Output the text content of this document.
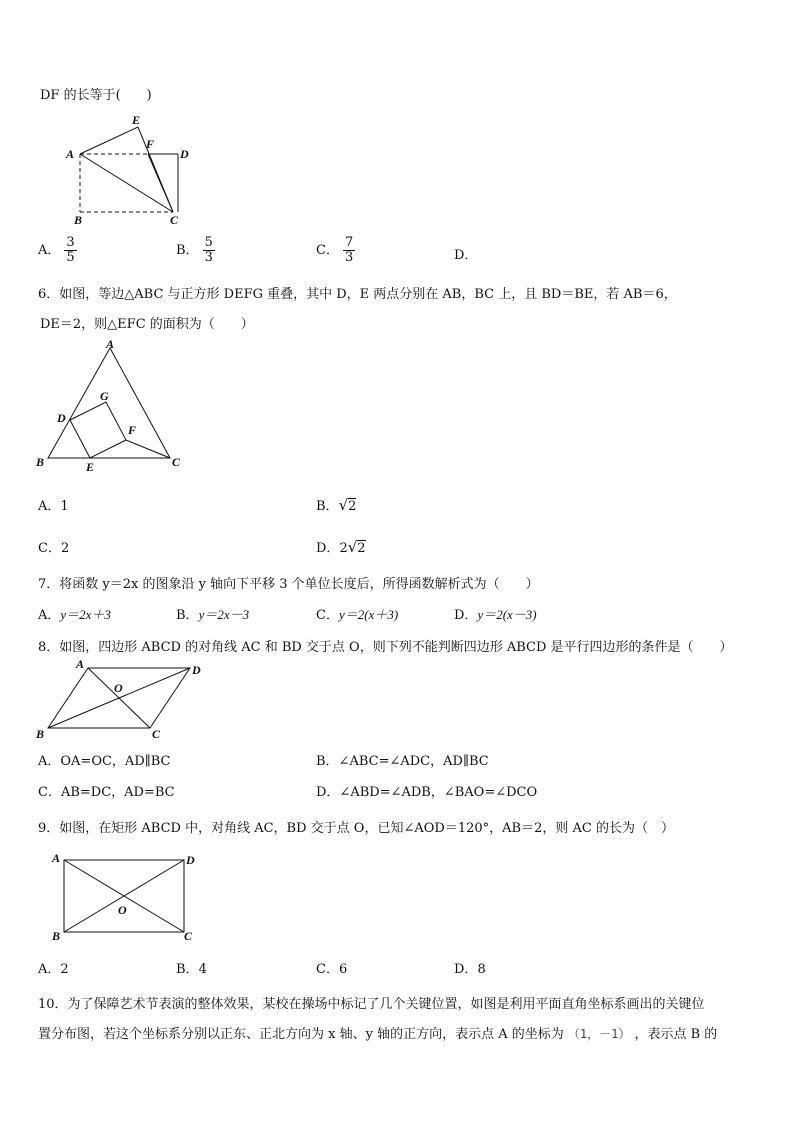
DF 的长等于(　　)
E
A
F
D
B	C
A． $\frac{3}{5}$	B． $\frac{5}{3}$	C． $\frac{7}{3}$	D．
6．如图，等边△ABC 与正方形 DEFG 重叠，其中 D，E 两点分别在 AB，BC 上，且 BD＝BE，若 AB＝6，
DE＝2，则△EFC 的面积为（　　）
A
G
D
F
B	E	C
A．1	B．√2
C．2	D．2√2
7．将函数 y＝2x 的图象沿 y 轴向下平移 3 个单位长度后，所得函数解析式为（　　）
A．y＝2x＋3	B．y＝2x－3	C．y＝2(x＋3)	D．y＝2(x－3)
8．如图，四边形 ABCD 的对角线 AC 和 BD 交于点 O，则下列不能判断四边形 ABCD 是平行四边形的条件是（　　）
A	D
O
B	C
A．OA=OC，AD∥BC	B．∠ABC=∠ADC，AD∥BC
C．AB=DC，AD=BC	D．∠ABD=∠ADB，∠BAO=∠DCO
9．如图，在矩形 ABCD 中，对角线 AC，BD 交于点 O，已知∠AOD＝120°，AB＝2，则 AC 的长为（　）
A	D
O
B	C
A．2	B．4	C．6	D．8
10．为了保障艺术节表演的整体效果，某校在操场中标记了几个关键位置，如图是利用平面直角坐标系画出的关键位
置分布图，若这个坐标系分别以正东、正北方向为 x 轴、y 轴的正方向，表示点 A 的坐标为 （1，－1） ，表示点 B 的
